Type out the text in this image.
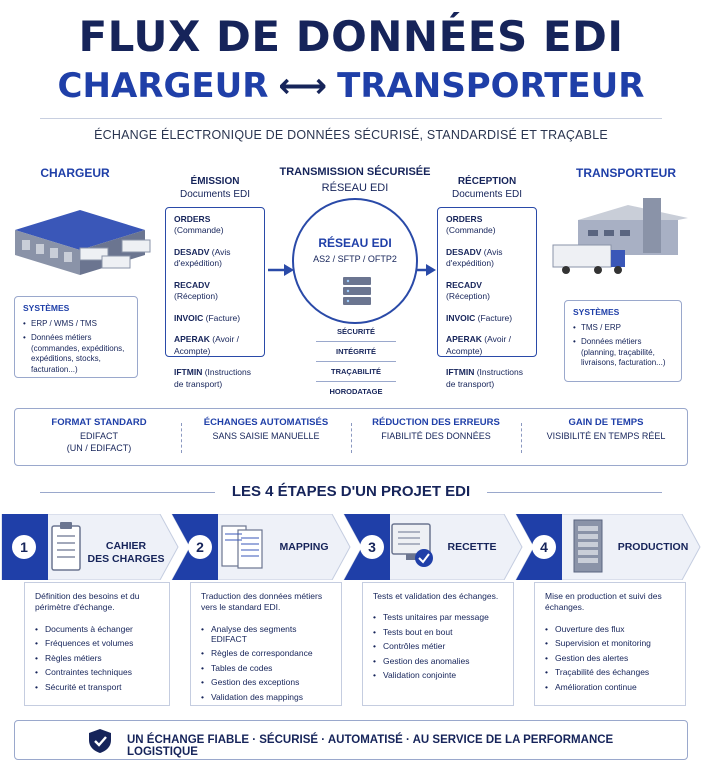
FLUX DE DONNÉES EDI
CHARGEUR ⟷ TRANSPORTEUR
ÉCHANGE ÉLECTRONIQUE DE DONNÉES SÉCURISÉ, STANDARDISÉ ET TRAÇABLE
CHARGEUR
ÉMISSION
Documents EDI
TRANSMISSION SÉCURISÉE
RÉSEAU EDI
RÉCEPTION
Documents EDI
TRANSPORTEUR
SYSTÈMES
• ERP / WMS / TMS
• Données métiers (commandes, expéditions, expéditions, stocks, facturation...)
SYSTÈMES
• TMS / ERP
• Données métiers (planning, traçabilité, livraisons, facturation...)
ORDERS (Commande)
DESADV (Avis d'expédition)
RECADV (Réception)
INVOIC (Facture)
APERAK (Avoir / Acompte)
IFTMIN (Instructions de transport)
ORDERS (Commande)
DESADV (Avis d'expédition)
RECADV (Réception)
INVOIC (Facture)
APERAK (Avoir / Acompte)
IFTMIN (Instructions de transport)
RÉSEAU EDI
AS2 / SFTP / OFTP2
SÉCURITÉ
INTÉGRITÉ
TRAÇABILITÉ
HORODATAGE
FORMAT STANDARD
EDIFACT
(UN / EDIFACT)
ÉCHANGES AUTOMATISÉS
SANS SAISIE MANUELLE
RÉDUCTION DES ERREURS
FIABILITÉ DES DONNÉES
GAIN DE TEMPS
VISIBILITÉ EN TEMPS RÉEL
LES 4 ÉTAPES D'UN PROJET EDI
1	2	3	4
CAHIER
DES CHARGES
MAPPING	RECETTE	PRODUCTION
Définition des besoins et du périmètre d'échange.
• Documents à échanger
• Fréquences et volumes
• Règles métiers
• Contraintes techniques
• Sécurité et transport
Traduction des données métiers vers le standard EDI.
• Analyse des segments EDIFACT
• Règles de correspondance
• Tables de codes
• Gestion des exceptions
• Validation des mappings
Tests et validation des échanges.
• Tests unitaires par message
• Tests bout en bout
• Contrôles métier
• Gestion des anomalies
• Validation conjointe
Mise en production et suivi des échanges.
• Ouverture des flux
• Supervision et monitoring
• Gestion des alertes
• Traçabilité des échanges
• Amélioration continue
UN ÉCHANGE FIABLE · SÉCURISÉ · AUTOMATISÉ · AU SERVICE DE LA PERFORMANCE LOGISTIQUE
